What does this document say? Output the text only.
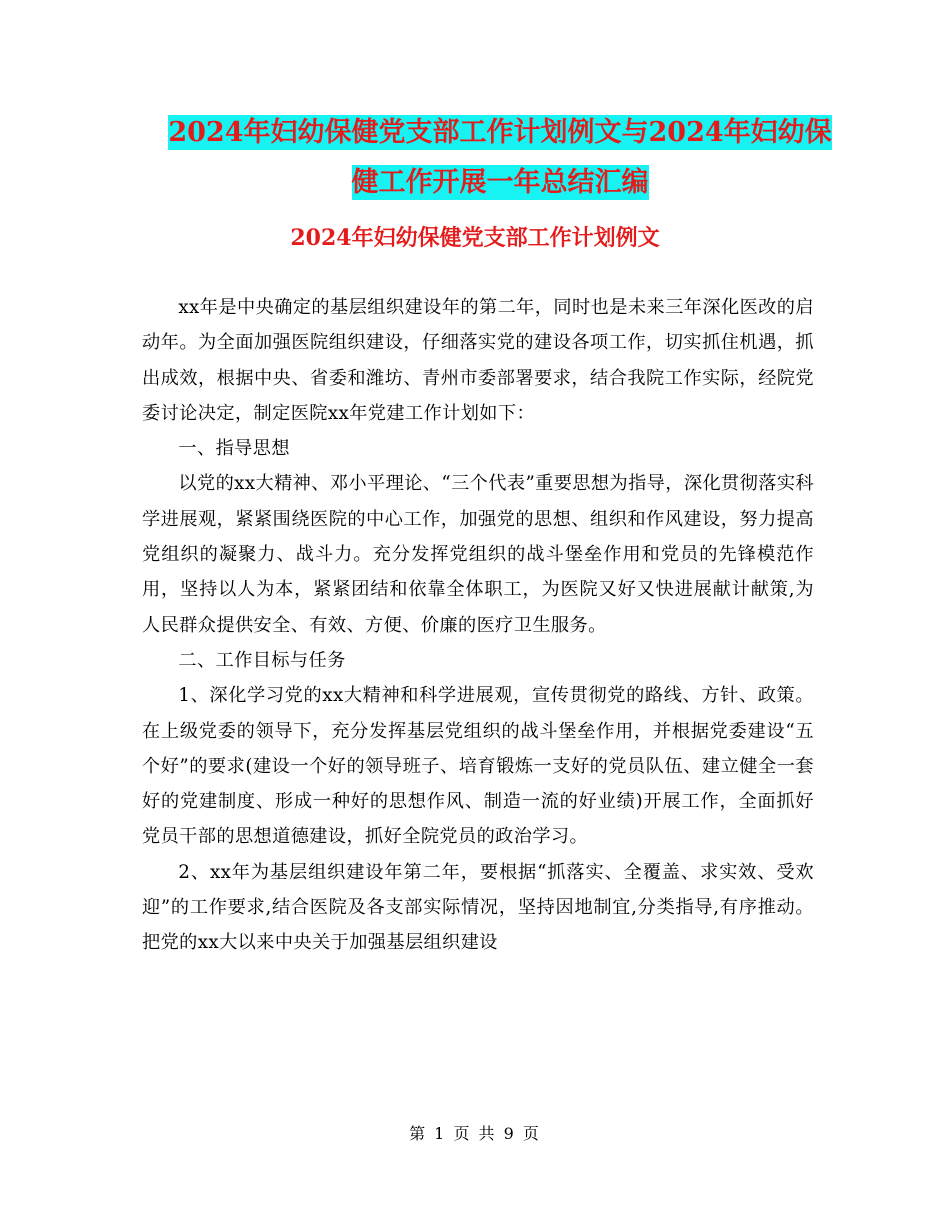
2024年妇幼保健党支部工作计划例文与2024年妇幼保
健工作开展一年总结汇编
2024年妇幼保健党支部工作计划例文

xx年是中央确定的基层组织建设年的第二年，同时也是未来三年深化医改的启动年。为全面加强医院组织建设，仔细落实党的建设各项工作，切实抓住机遇，抓出成效，根据中央、省委和潍坊、青州市委部署要求，结合我院工作实际，经院党委讨论决定，制定医院xx年党建工作计划如下：

一、指导思想

以党的xx大精神、邓小平理论、“三个代表”重要思想为指导，深化贯彻落实科学进展观，紧紧围绕医院的中心工作，加强党的思想、组织和作风建设，努力提高党组织的凝聚力、战斗力。充分发挥党组织的战斗堡垒作用和党员的先锋模范作用，坚持以人为本，紧紧团结和依靠全体职工，为医院又好又快进展献计献策,为人民群众提供安全、有效、方便、价廉的医疗卫生服务。

二、工作目标与任务

1、深化学习党的xx大精神和科学进展观，宣传贯彻党的路线、方针、政策。在上级党委的领导下，充分发挥基层党组织的战斗堡垒作用，并根据党委建设“五个好”的要求(建设一个好的领导班子、培育锻炼一支好的党员队伍、建立健全一套好的党建制度、形成一种好的思想作风、制造一流的好业绩)开展工作，全面抓好党员干部的思想道德建设，抓好全院党员的政治学习。

2、xx年为基层组织建设年第二年，要根据“抓落实、全覆盖、求实效、受欢迎”的工作要求,结合医院及各支部实际情况，坚持因地制宜,分类指导,有序推动。把党的xx大以来中央关于加强基层组织建设

第 1 页 共 9 页
